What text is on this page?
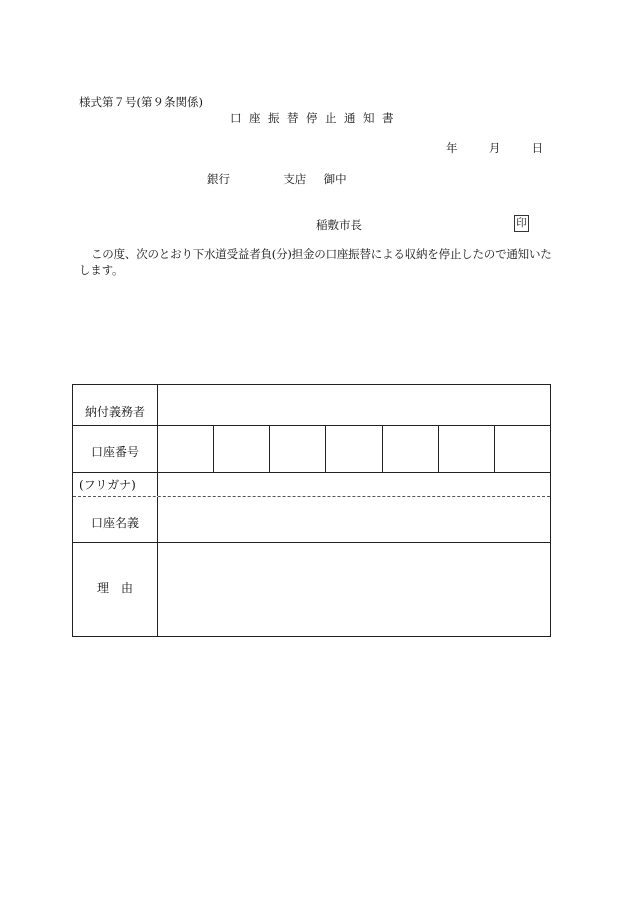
様式第７号(第９条関係)
口座振替停止通知書
年	月	日
銀行	支店 御中
稲敷市長	印
この度、次のとおり下水道受益者負(分)担金の口座振替による収納を停止したので通知いたします。
納付義務者
口座番号
(フリガナ)
口座名義
理　由
